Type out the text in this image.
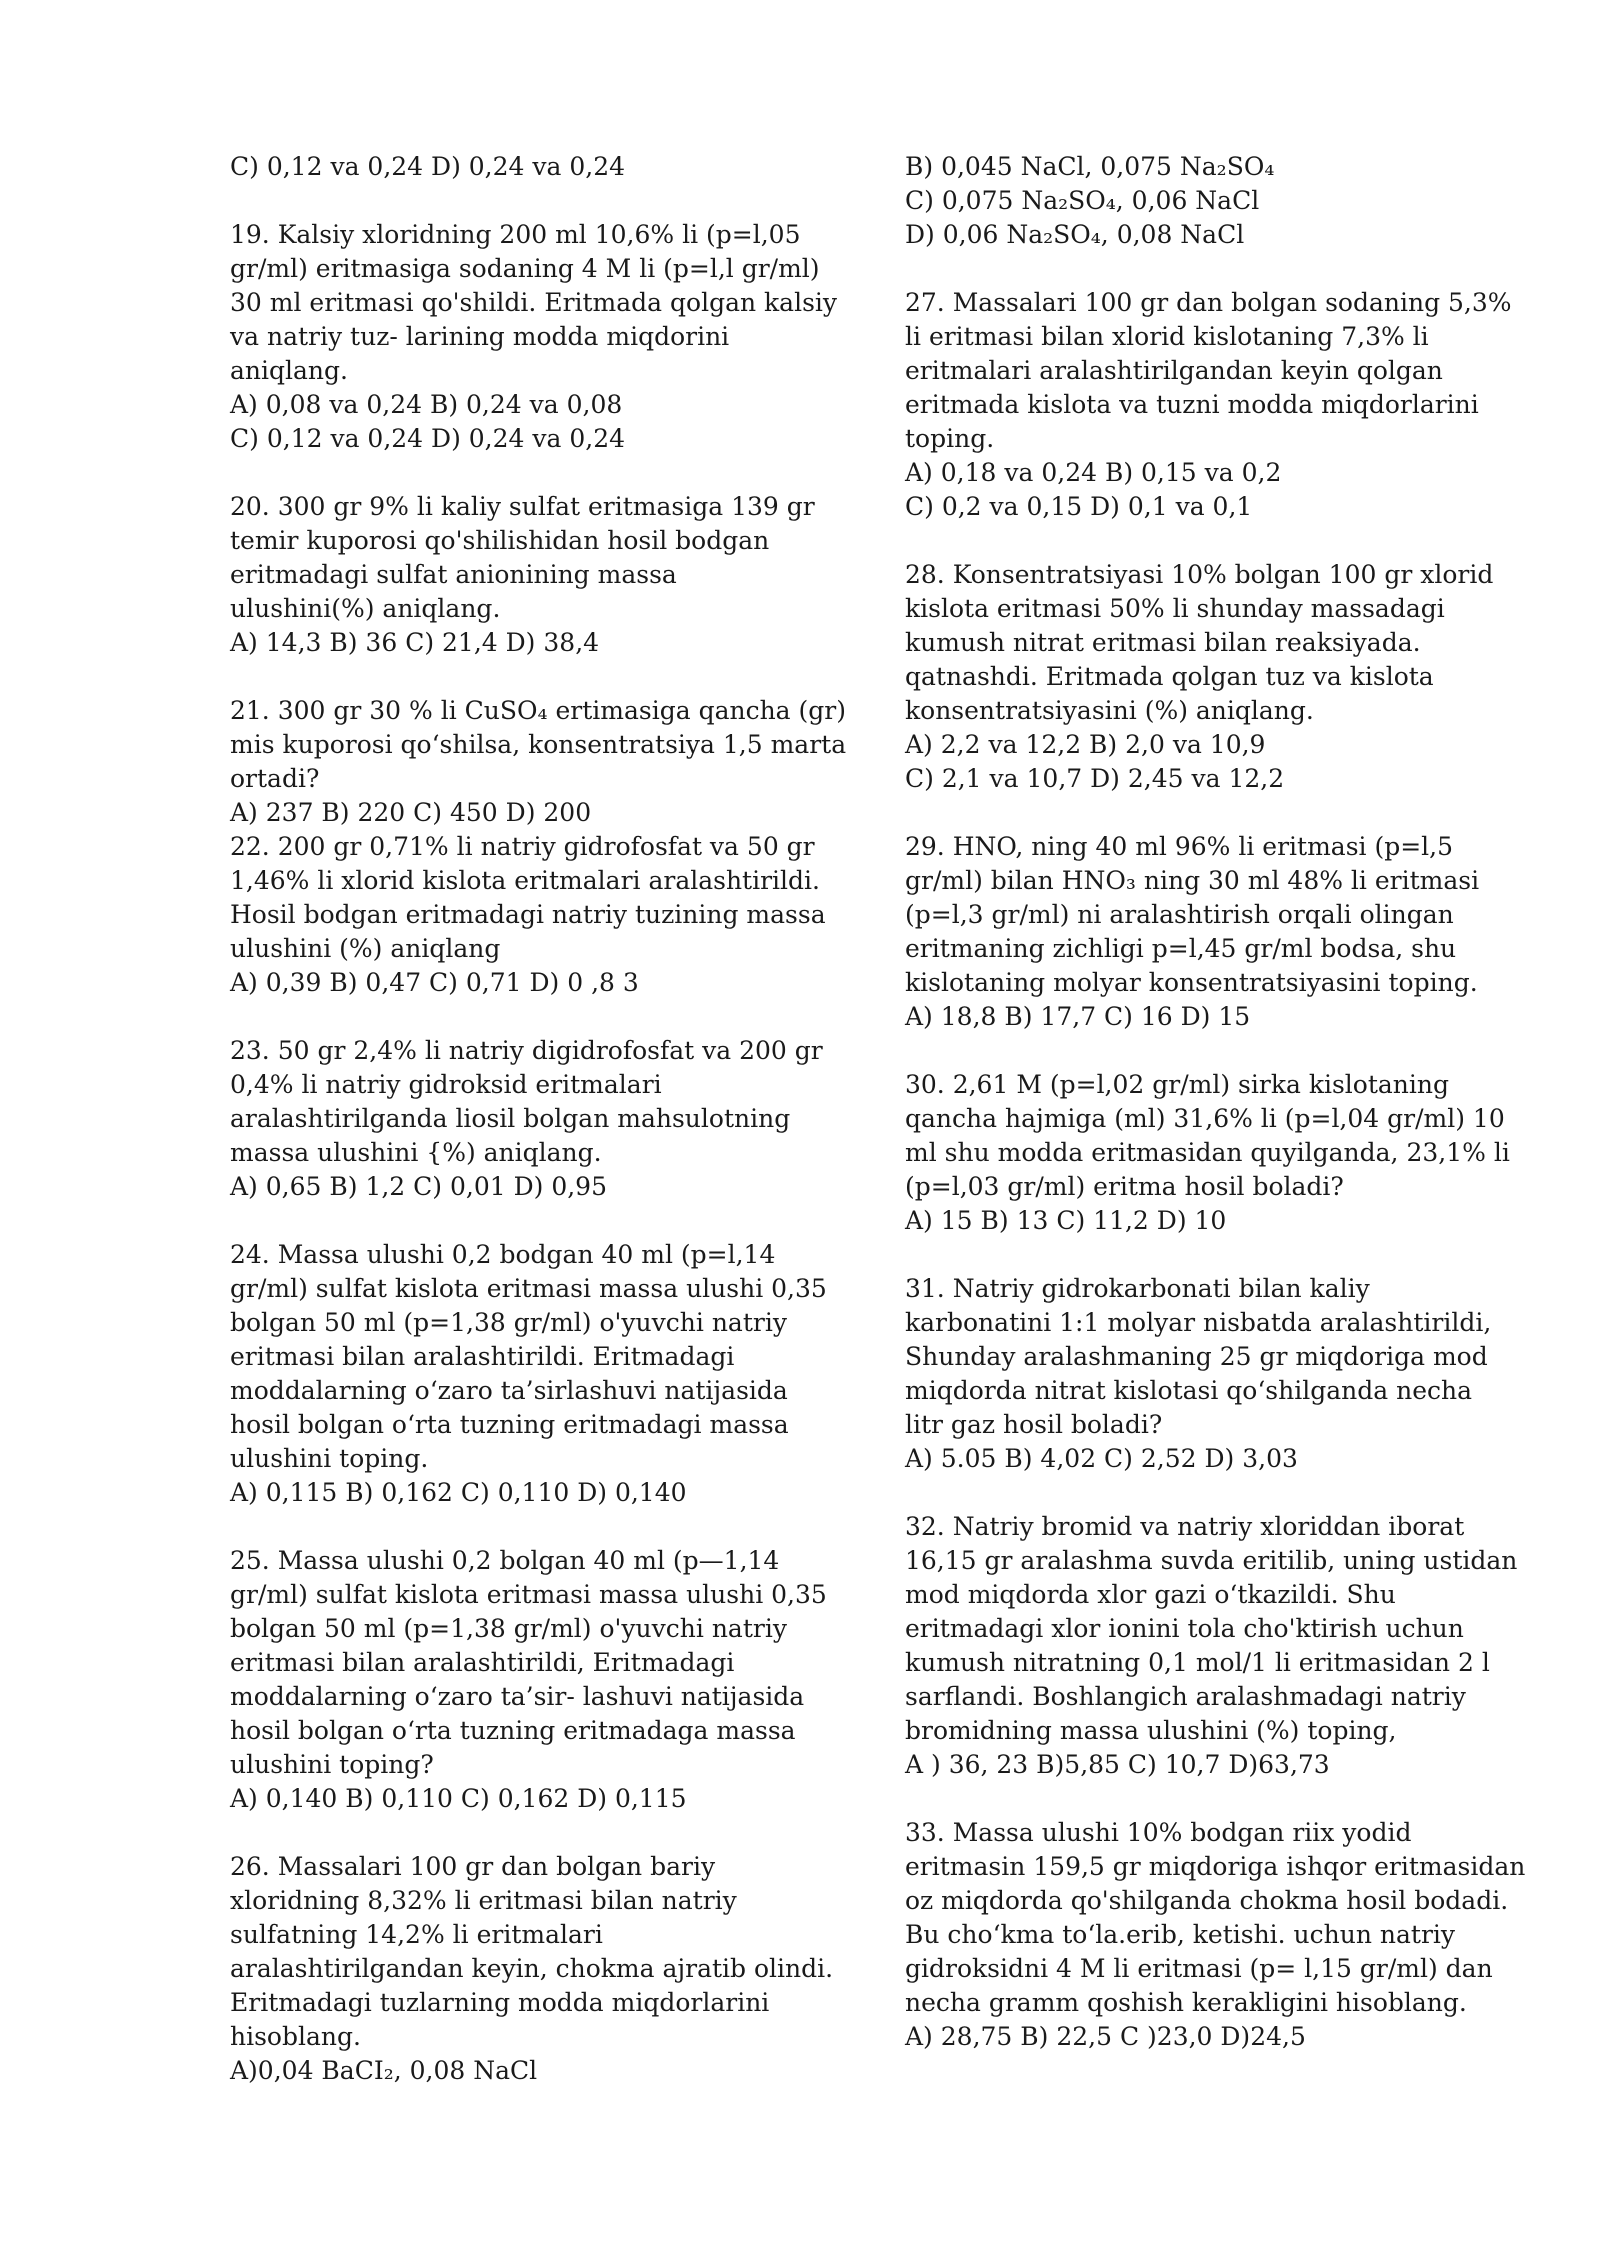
C) 0,12 va 0,24 D) 0,24 va 0,24
19. Kalsiy xloridning 200 ml 10,6% li (p=l,05
gr/ml) eritmasiga sodaning 4 M li (p=l,l gr/ml)
30 ml eritmasi qo'shildi. Eritmada qolgan kalsiy
va natriy tuz- larining modda miqdorini
aniqlang.
A) 0,08 va 0,24 B) 0,24 va 0,08
C) 0,12 va 0,24 D) 0,24 va 0,24
20. 300 gr 9% li kaliy sulfat eritmasiga 139 gr
temir kuporosi qo'shilishidan hosil bodgan
eritmadagi sulfat anionining massa
ulushini(%) aniqlang.
A) 14,3 B) 36 C) 21,4 D) 38,4
21. 300 gr 30 % li CuSO₄ ertimasiga qancha (gr)
mis kuporosi qo‘shilsa, konsentratsiya 1,5 marta
ortadi?
A) 237 B) 220 C) 450 D) 200
22. 200 gr 0,71% li natriy gidrofosfat va 50 gr
1,46% li xlorid kislota eritmalari aralashtirildi.
Hosil bodgan eritmadagi natriy tuzining massa
ulushini (%) aniqlang
A) 0,39 B) 0,47 C) 0,71 D) 0 ,8 3
23. 50 gr 2,4% li natriy digidrofosfat va 200 gr
0,4% li natriy gidroksid eritmalari
aralashtirilganda liosil bolgan mahsulotning
massa ulushini {%) aniqlang.
A) 0,65 B) 1,2 C) 0,01 D) 0,95
24. Massa ulushi 0,2 bodgan 40 ml (p=l,14
gr/ml) sulfat kislota eritmasi massa ulushi 0,35
bolgan 50 ml (p=1,38 gr/ml) o'yuvchi natriy
eritmasi bilan aralashtirildi. Eritmadagi
moddalarning o‘zaro ta’sirlashuvi natijasida
hosil bolgan o‘rta tuzning eritmadagi massa
ulushini toping.
A) 0,115 B) 0,162 C) 0,110 D) 0,140
25. Massa ulushi 0,2 bolgan 40 ml (p—1,14
gr/ml) sulfat kislota eritmasi massa ulushi 0,35
bolgan 50 ml (p=1,38 gr/ml) o'yuvchi natriy
eritmasi bilan aralashtirildi, Eritmadagi
moddalarning o‘zaro ta’sir- lashuvi natijasida
hosil bolgan o‘rta tuzning eritmadaga massa
ulushini toping?
A) 0,140 B) 0,110 C) 0,162 D) 0,115
26. Massalari 100 gr dan bolgan bariy
xloridning 8,32% li eritmasi bilan natriy
sulfatning 14,2% li eritmalari
aralashtirilgandan keyin, chokma ajratib olindi.
Eritmadagi tuzlarning modda miqdorlarini
hisoblang.
A)0,04 BaCI₂, 0,08 NaCl
B) 0,045 NaCl, 0,075 Na₂SO₄
C) 0,075 Na₂SO₄, 0,06 NaCl
D) 0,06 Na₂SO₄, 0,08 NaCl
27. Massalari 100 gr dan bolgan sodaning 5,3%
li eritmasi bilan xlorid kislotaning 7,3% li
eritmalari aralashtirilgandan keyin qolgan
eritmada kislota va tuzni modda miqdorlarini
toping.
A) 0,18 va 0,24 B) 0,15 va 0,2
C) 0,2 va 0,15 D) 0,1 va 0,1
28. Konsentratsiyasi 10% bolgan 100 gr xlorid
kislota eritmasi 50% li shunday massadagi
kumush nitrat eritmasi bilan reaksiyada.
qatnashdi. Eritmada qolgan tuz va kislota
konsentratsiyasini (%) aniqlang.
A) 2,2 va 12,2 B) 2,0 va 10,9
C) 2,1 va 10,7 D) 2,45 va 12,2
29. HNO, ning 40 ml 96% li eritmasi (p=l,5
gr/ml) bilan HNO₃ ning 30 ml 48% li eritmasi
(p=l,3 gr/ml) ni aralashtirish orqali olingan
eritmaning zichligi p=l,45 gr/ml bodsa, shu
kislotaning molyar konsentratsiyasini toping.
A) 18,8 B) 17,7 C) 16 D) 15
30. 2,61 M (p=l,02 gr/ml) sirka kislotaning
qancha hajmiga (ml) 31,6% li (p=l,04 gr/ml) 10
ml shu modda eritmasidan quyilganda, 23,1% li
(p=l,03 gr/ml) eritma hosil boladi?
A) 15 B) 13 C) 11,2 D) 10
31. Natriy gidrokarbonati bilan kaliy
karbonatini 1:1 molyar nisbatda aralashtirildi,
Shunday aralashmaning 25 gr miqdoriga mod
miqdorda nitrat kislotasi qo‘shilganda necha
litr gaz hosil boladi?
A) 5.05 B) 4,02 C) 2,52 D) 3,03
32. Natriy bromid va natriy xloriddan iborat
16,15 gr aralashma suvda eritilib, uning ustidan
mod miqdorda xlor gazi o‘tkazildi. Shu
eritmadagi xlor ionini tola cho'ktirish uchun
kumush nitratning 0,1 mol/1 li eritmasidan 2 l
sarflandi. Boshlangich aralashmadagi natriy
bromidning massa ulushini (%) toping,
A ) 36, 23 B)5,85 C) 10,7 D)63,73
33. Massa ulushi 10% bodgan riix yodid
eritmasin 159,5 gr miqdoriga ishqor eritmasidan
oz miqdorda qo'shilganda chokma hosil bodadi.
Bu cho‘kma to‘la.erib, ketishi. uchun natriy
gidroksidni 4 M li eritmasi (p= l,15 gr/ml) dan
necha gramm qoshish kerakligini hisoblang.
A) 28,75 B) 22,5 C )23,0 D)24,5
